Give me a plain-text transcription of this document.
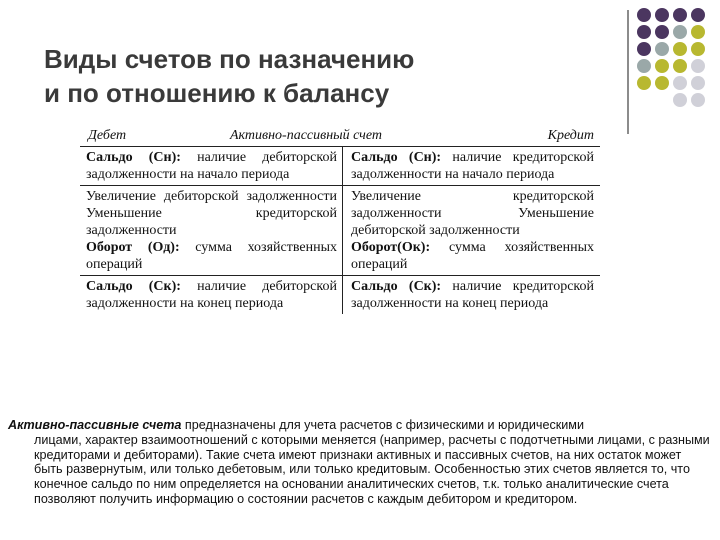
Виды счетов по назначению
и по отношению к балансу
Дебет	Активно-пассивный счет	Кредит

Сальдо (Сн): наличие дебиторской задолженности на начало периода

Сальдо (Сн): наличие кредиторской задолженности на начало периода

Увеличение дебиторской задолженности Уменьшение кредиторской задолженности

Оборот (Од): сумма хозяйственных операций

Увеличение кредиторской задолженности Уменьшение дебиторской задолженности

Оборот(Ок): сумма хозяйственных операций

Сальдо (Ск): наличие дебиторской задолженности на конец периода

Сальдо (Ск): наличие кредиторской задолженности на конец периода

Активно-пассивные счета предназначены для учета расчетов с физическими и юридическими
лицами, характер взаимоотношений с которыми меняется (например, расчеты с подотчетными лицами, с разными кредиторами и дебиторами). Такие счета имеют признаки активных и пассивных счетов, на них остаток может быть развернутым, или только дебетовым, или только кредитовым. Особенностью этих счетов является то, что конечное сальдо по ним определяется на основании аналитических счетов, т.к. только аналитические счета позволяют получить информацию о состоянии расчетов с каждым дебитором и кредитором.
